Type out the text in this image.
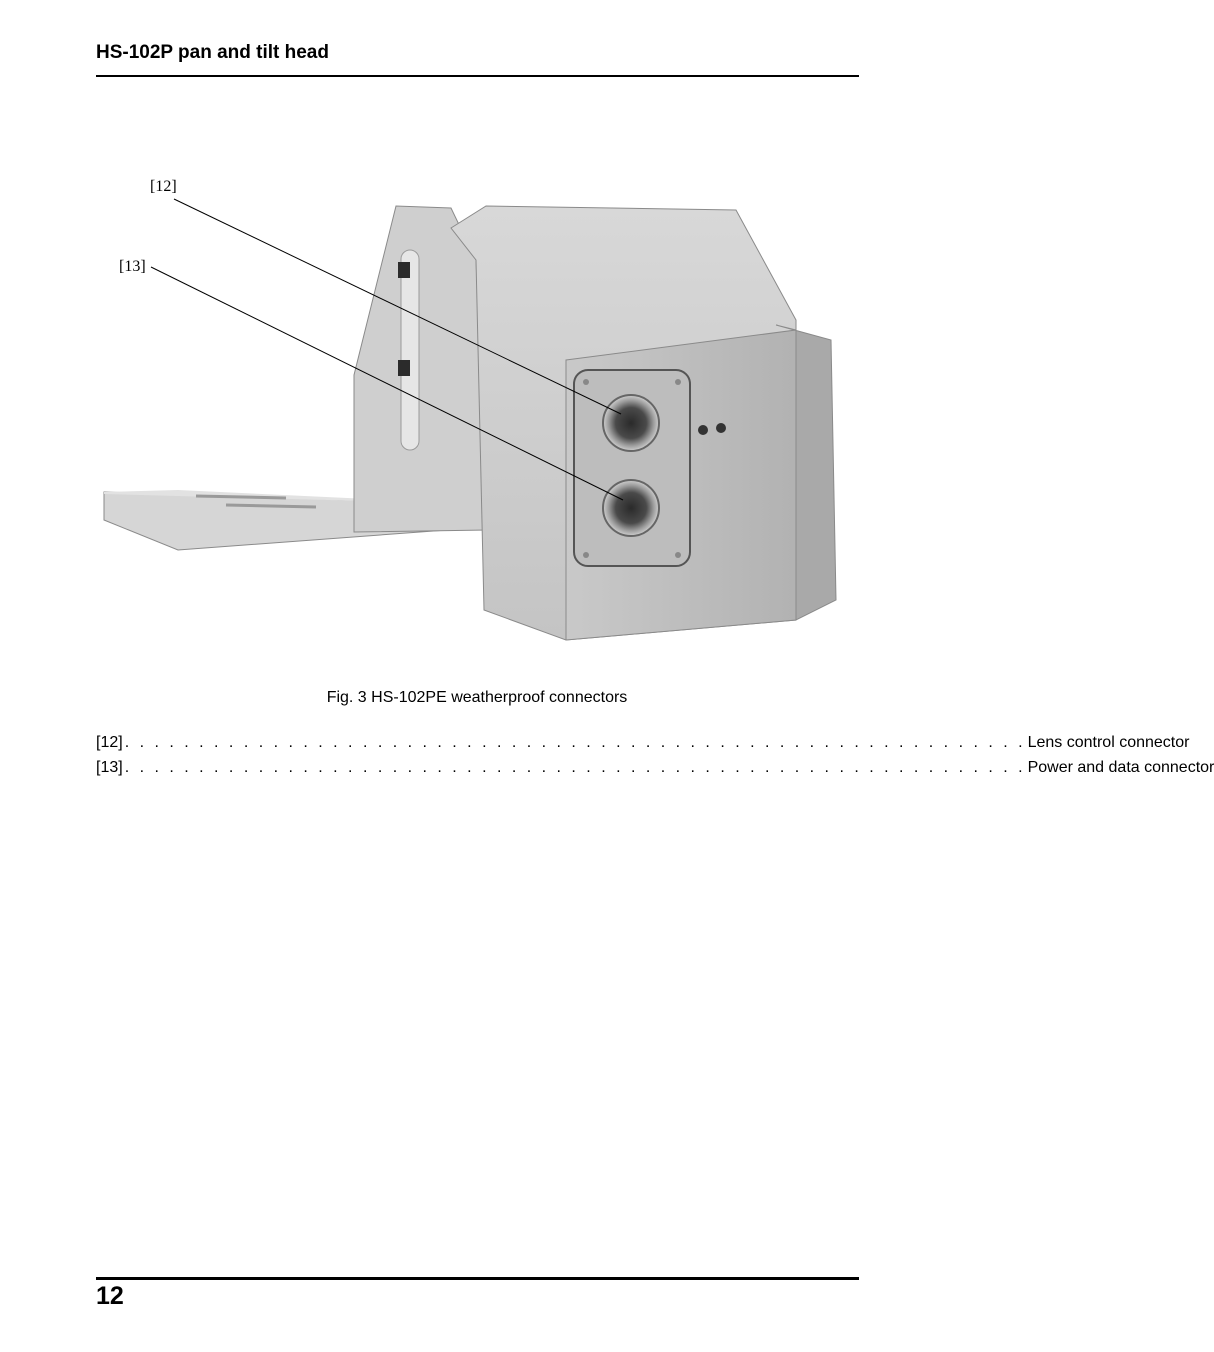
HS-102P pan and tilt head
[12]
[13]
Fig. 3 HS-102PE weatherproof connectors
[12] . . . . . . . . . . . . . . . . . . . . . . . . . . . . . . . . . . . . . . . . . . . . . . . . . . . . . . . . . . . . . Lens control connector
[13] . . . . . . . . . . . . . . . . . . . . . . . . . . . . . . . . . . . . . . . . . . . . . . . . . . . . . . . . . . . . . Power and data connector
12
